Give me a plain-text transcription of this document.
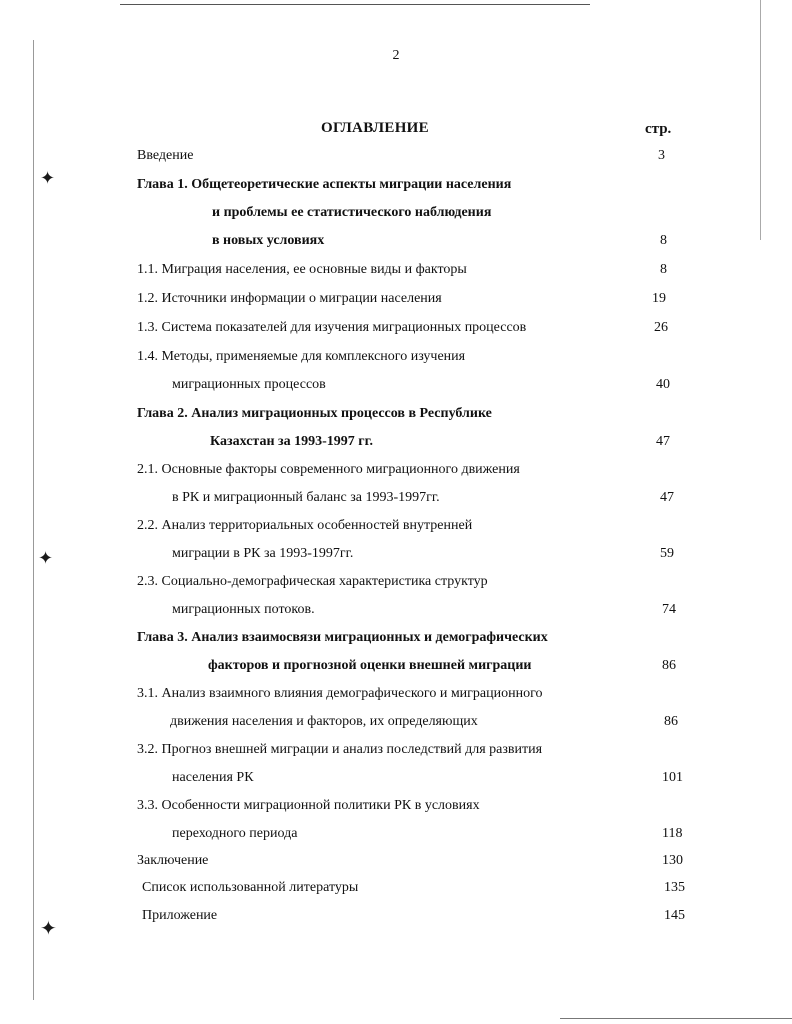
✦
✦
✦
2
ОГЛАВЛЕНИЕ	стр.
Введение	3
Глава 1. Общетеоретические аспекты миграции населения
и проблемы ее статистического наблюдения
в новых условиях	8
1.1. Миграция населения, ее основные виды и факторы	8
1.2. Источники информации о миграции населения	19
1.3. Система показателей для изучения миграционных процессов	26
1.4. Методы, применяемые для комплексного изучения
миграционных процессов	40
Глава 2. Анализ миграционных процессов в Республике
Казахстан за 1993-1997 гг.	47
2.1. Основные факторы современного миграционного движения
в РК и миграционный баланс за 1993-1997гг.	47
2.2. Анализ территориальных особенностей внутренней
миграции в РК за 1993-1997гг.	59
2.3. Социально-демографическая характеристика структур
миграционных потоков.	74
Глава 3. Анализ взаимосвязи миграционных и демографических
факторов и прогнозной оценки внешней миграции	86
3.1. Анализ взаимного влияния демографического и миграционного
движения населения и факторов, их определяющих	86
3.2. Прогноз внешней миграции и анализ последствий для развития
населения РК	101
3.3. Особенности миграционной политики РК в условиях
переходного периода	118
Заключение	130
Список использованной литературы	135
Приложение	145
